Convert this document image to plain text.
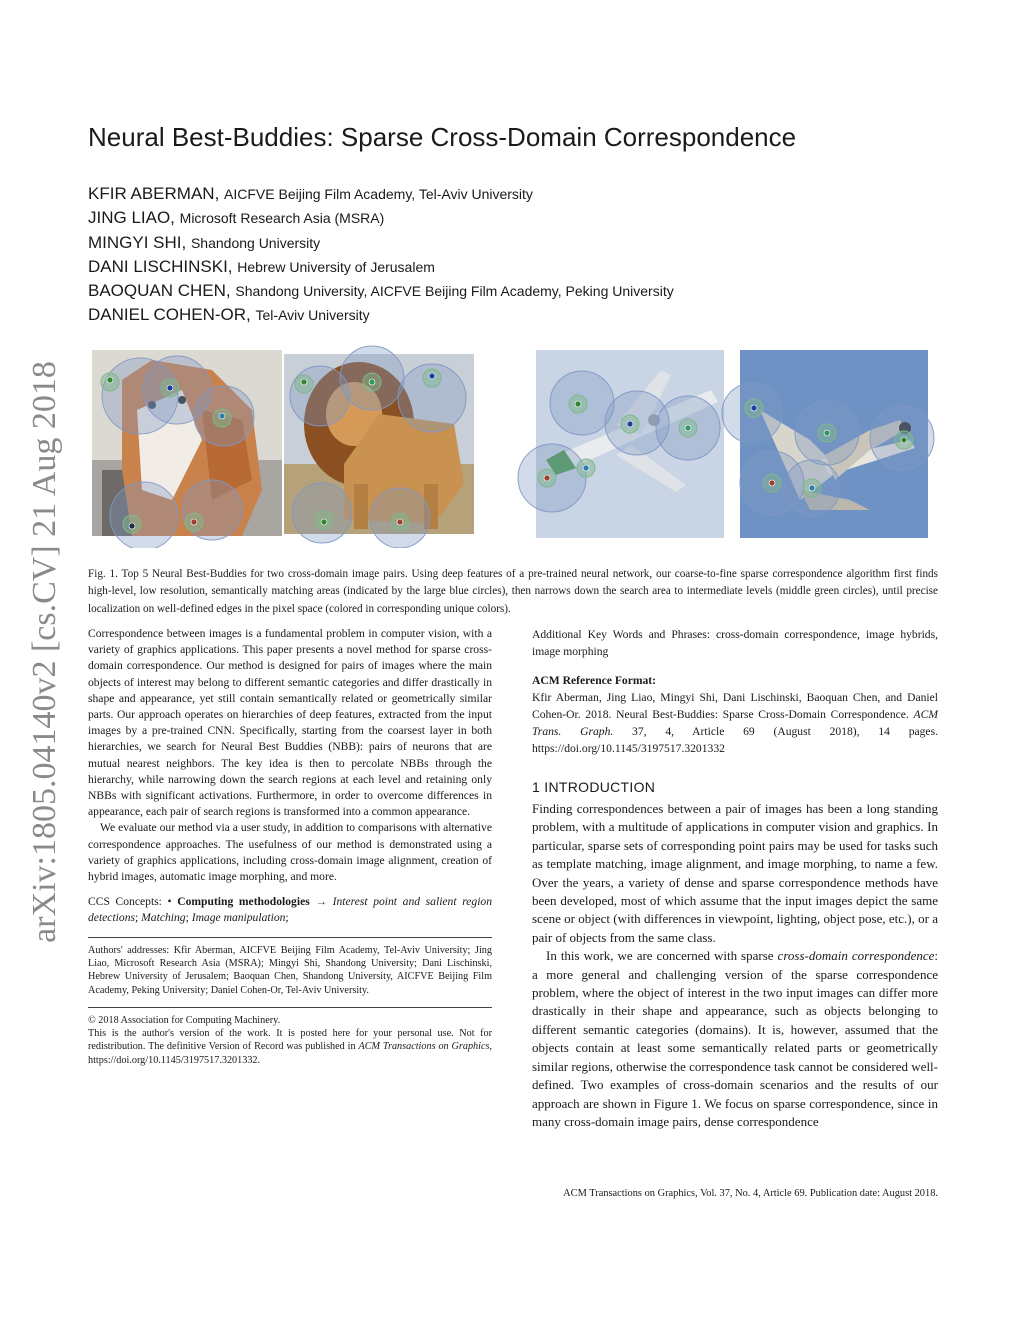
arXiv:1805.04140v2 [cs.CV] 21 Aug 2018
Neural Best-Buddies: Sparse Cross-Domain Correspondence
KFIR ABERMAN, AICFVE Beijing Film Academy, Tel-Aviv University
JING LIAO, Microsoft Research Asia (MSRA)
MINGYI SHI, Shandong University
DANI LISCHINSKI, Hebrew University of Jerusalem
BAOQUAN CHEN, Shandong University, AICFVE Beijing Film Academy, Peking University
DANIEL COHEN-OR, Tel-Aviv University
Fig. 1. Top 5 Neural Best-Buddies for two cross-domain image pairs. Using deep features of a pre-trained neural network, our coarse-to-fine sparse correspondence algorithm first finds high-level, low resolution, semantically matching areas (indicated by the large blue circles), then narrows down the search area to intermediate levels (middle green circles), until precise localization on well-defined edges in the pixel space (colored in corresponding unique colors).

Correspondence between images is a fundamental problem in computer vision, with a variety of graphics applications. This paper presents a novel method for sparse cross-domain correspondence. Our method is designed for pairs of images where the main objects of interest may belong to different semantic categories and differ drastically in shape and appearance, yet still contain semantically related or geometrically similar parts. Our approach operates on hierarchies of deep features, extracted from the input images by a pre-trained CNN. Specifically, starting from the coarsest layer in both hierarchies, we search for Neural Best Buddies (NBB): pairs of neurons that are mutual nearest neighbors. The key idea is then to percolate NBBs through the hierarchy, while narrowing down the search regions at each level and retaining only NBBs with significant activations. Furthermore, in order to overcome differences in appearance, each pair of search regions is transformed into a common appearance.

We evaluate our method via a user study, in addition to comparisons with alternative correspondence approaches. The usefulness of our method is demonstrated using a variety of graphics applications, including cross-domain image alignment, creation of hybrid images, automatic image morphing, and more.

CCS Concepts: • Computing methodologies → Interest point and salient region detections; Matching; Image manipulation;

Authors' addresses: Kfir Aberman, AICFVE Beijing Film Academy, Tel-Aviv University; Jing Liao, Microsoft Research Asia (MSRA); Mingyi Shi, Shandong University; Dani Lischinski, Hebrew University of Jerusalem; Baoquan Chen, Shandong University, AICFVE Beijing Film Academy, Peking University; Daniel Cohen-Or, Tel-Aviv University.

© 2018 Association for Computing Machinery.

This is the author's version of the work. It is posted here for your personal use. Not for redistribution. The definitive Version of Record was published in ACM Transactions on Graphics, https://doi.org/10.1145/3197517.3201332.

Additional Key Words and Phrases: cross-domain correspondence, image hybrids, image morphing

ACM Reference Format:

Kfir Aberman, Jing Liao, Mingyi Shi, Dani Lischinski, Baoquan Chen, and Daniel Cohen-Or. 2018. Neural Best-Buddies: Sparse Cross-Domain Correspondence. ACM Trans. Graph. 37, 4, Article 69 (August 2018), 14 pages. https://doi.org/10.1145/3197517.3201332

1 INTRODUCTION

Finding correspondences between a pair of images has been a long standing problem, with a multitude of applications in computer vision and graphics. In particular, sparse sets of corresponding point pairs may be used for tasks such as template matching, image alignment, and image morphing, to name a few. Over the years, a variety of dense and sparse correspondence methods have been developed, most of which assume that the input images depict the same scene or object (with differences in viewpoint, lighting, object pose, etc.), or a pair of objects from the same class.

In this work, we are concerned with sparse cross-domain correspondence: a more general and challenging version of the sparse correspondence problem, where the object of interest in the two input images can differ more drastically in their shape and appearance, such as objects belonging to different semantic categories (domains). It is, however, assumed that the objects contain at least some semantically related parts or geometrically similar regions, otherwise the correspondence task cannot be considered well-defined. Two examples of cross-domain scenarios and the results of our approach are shown in Figure 1. We focus on sparse correspondence, since in many cross-domain image pairs, dense correspondence

ACM Transactions on Graphics, Vol. 37, No. 4, Article 69. Publication date: August 2018.
